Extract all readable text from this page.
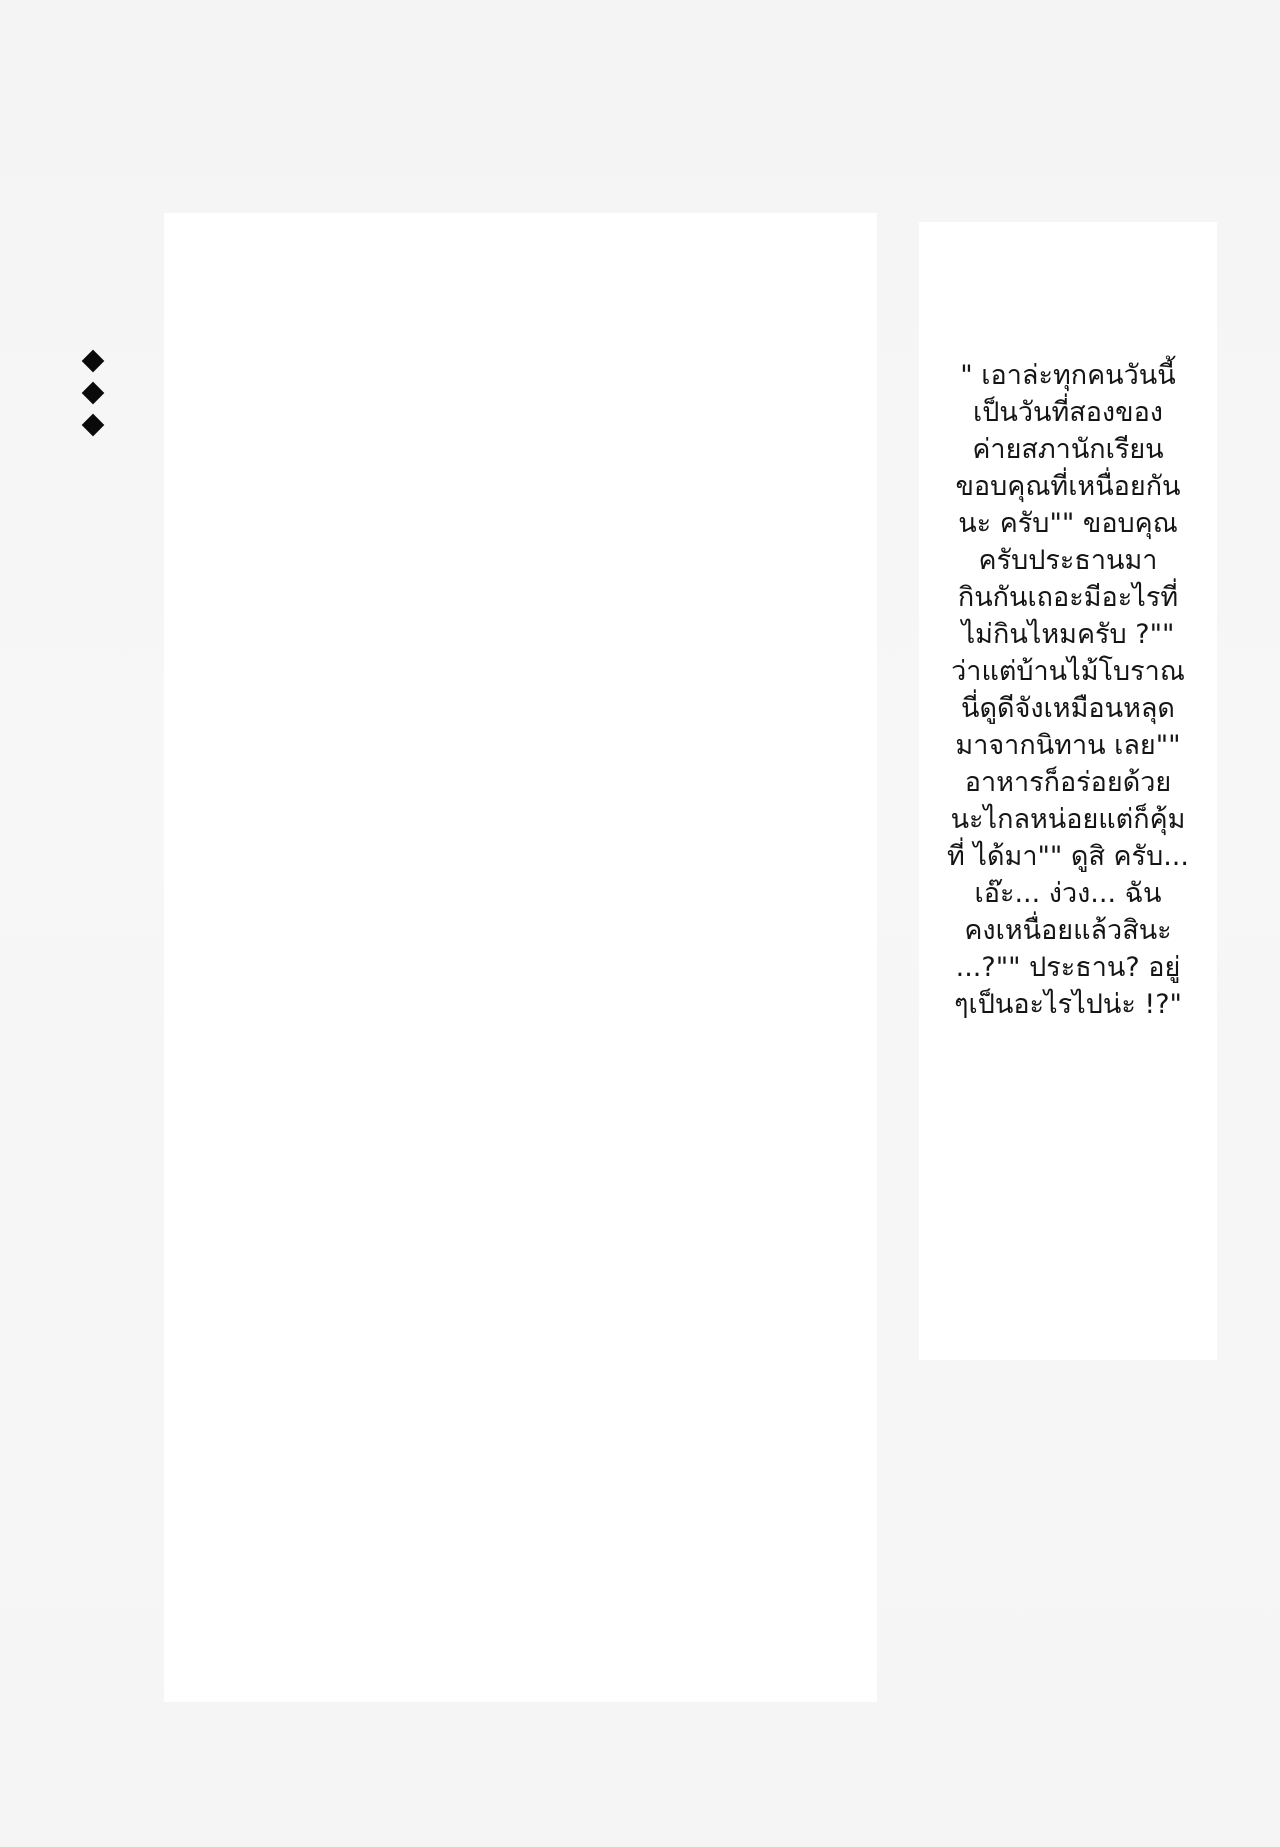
" เอาล่ะทุกคนวันนี้
เป็นวันที่สองของ
ค่ายสภานักเรียน
ขอบคุณที่เหนื่อยกัน
นะ ครับ"" ขอบคุณ
ครับประธานมา
กินกันเถอะมีอะไรที่
ไม่กินไหมครับ ?""
ว่าแต่บ้านไม้โบราณ
นี่ดูดีจังเหมือนหลุด
มาจากนิทาน เลย""
อาหารก็อร่อยด้วย
นะไกลหน่อยแต่ก็คุ้ม
ที่ ได้มา"" ดูสิ ครับ...
เอ๊ะ... ง่วง... ฉัน
คงเหนื่อยแล้วสินะ
...?"" ประธาน? อยู่
ๆเป็นอะไรไปน่ะ !?"
